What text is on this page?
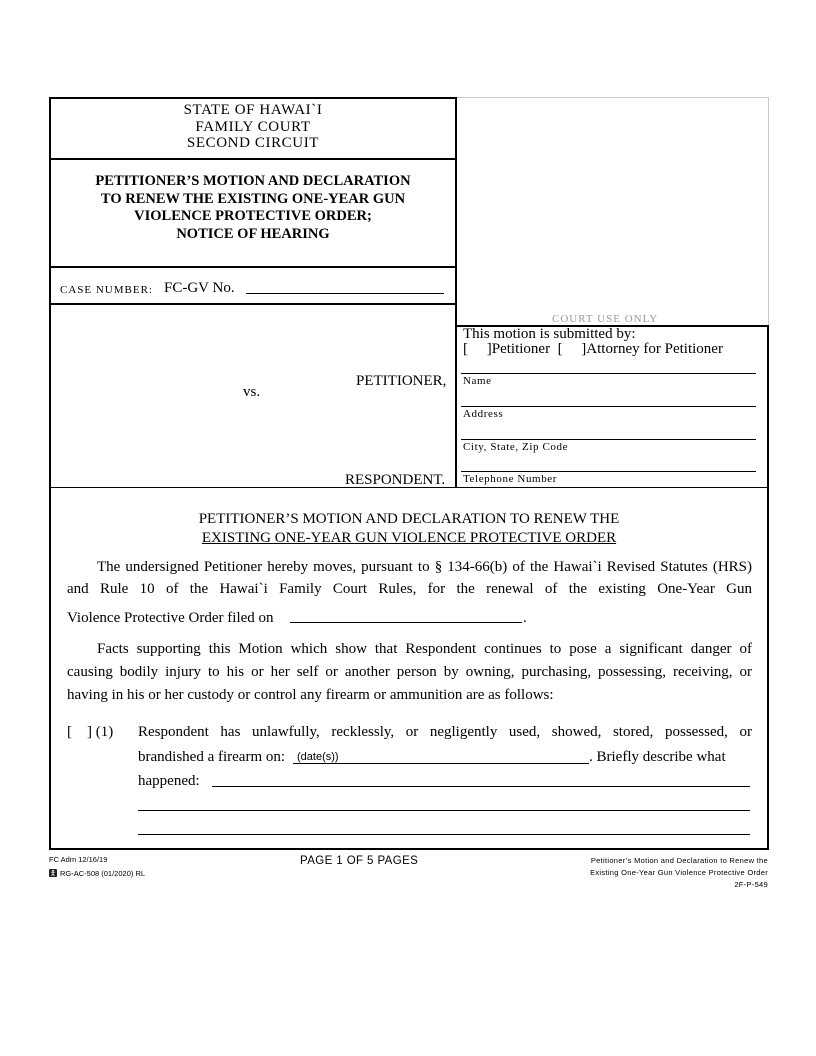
STATE OF HAWAI`I
FAMILY COURT
SECOND CIRCUIT
PETITIONER’S MOTION AND DECLARATION
TO RENEW THE EXISTING ONE-YEAR GUN
VIOLENCE PROTECTIVE ORDER;
NOTICE OF HEARING
CASE NUMBER: FC-GV No.
COURT USE ONLY
This motion is submitted by:
[     ]Petitioner  [     ]Attorney for Petitioner
Name
Address
City, State, Zip Code
Telephone Number
PETITIONER,
vs.
RESPONDENT.
PETITIONER’S MOTION AND DECLARATION TO RENEW THE
EXISTING ONE-YEAR GUN VIOLENCE PROTECTIVE ORDER
The undersigned Petitioner hereby moves, pursuant to § 134-66(b) of the Hawai`i Revised Statutes (HRS)
and Rule 10 of the Hawai`i Family Court Rules, for the renewal of the existing One-Year Gun
Violence Protective Order filed on	.
Facts supporting this Motion which show that Respondent continues to pose a significant danger of
causing bodily injury to his or her self or another person by owning, purchasing, possessing, receiving, or
having in his or her custody or control any firearm or ammunition are as follows:
[    ] (1) Respondent has unlawfully, recklessly, or negligently used, showed, stored, possessed, or
brandished a firearm on: (date(s))	. Briefly describe what
happened:
FC Adm 12/16/19
RG-AC-508 (01/2020) RL
PAGE 1 OF 5 PAGES	Petitioner’s Motion and Declaration to Renew the
Existing One-Year Gun Violence Protective Order
2F-P-549
